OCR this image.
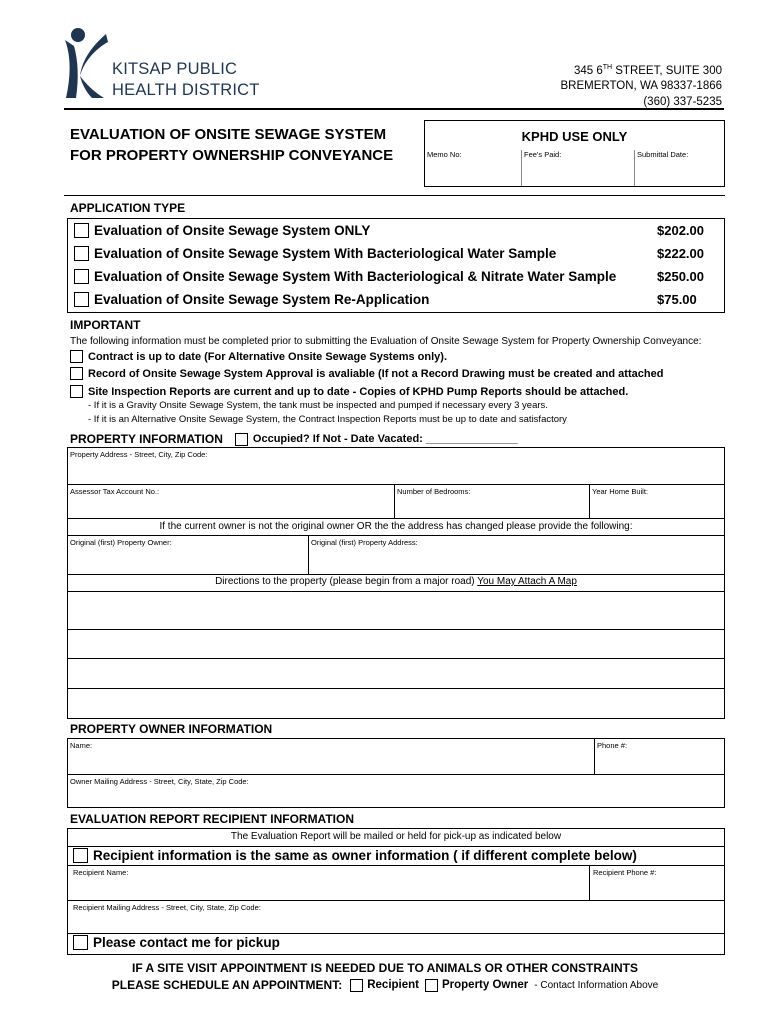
KITSAP PUBLIC
HEALTH DISTRICT
345 6TH STREET, SUITE 300
BREMERTON, WA 98337-1866
(360) 337-5235
EVALUATION OF ONSITE SEWAGE SYSTEM
FOR PROPERTY OWNERSHIP CONVEYANCE
KPHD USE ONLY
Memo No:	Fee's Paid:	Submittal Date:
APPLICATION TYPE
Evaluation of Onsite Sewage System ONLY	$202.00
Evaluation of Onsite Sewage System With Bacteriological Water Sample	$222.00
Evaluation of Onsite Sewage System With Bacteriological & Nitrate Water Sample	$250.00
Evaluation of Onsite Sewage System Re-Application	$75.00
IMPORTANT
The following information must be completed prior to submitting the Evaluation of Onsite Sewage System for Property Ownership Conveyance:
Contract is up to date (For Alternative Onsite Sewage Systems only).
Record of Onsite Sewage System Approval is avaliable (If not a Record Drawing must be created and attached
Site Inspection Reports are current and up to date - Copies of KPHD Pump Reports should be attached.
- If it is a Gravity Onsite Sewage System, the tank must be inspected and pumped if necessary every 3 years.
- If it is an Alternative Onsite Sewage System, the Contract Inspection Reports must be up to date and satisfactory
PROPERTY INFORMATION	Occupied? If Not - Date Vacated: _______________
Property Address - Street, City, Zip Code:
Assessor Tax Account No.:	Number of Bedrooms:	Year Home Built:
If the current owner is not the original owner OR the the address has changed please provide the following:
Original (first) Property Owner:	Original (first) Property Address:
Directions to the property (please begin from a major road) You May Attach A Map
PROPERTY OWNER INFORMATION
Name:	Phone #:
Owner Mailing Address - Street, City, State, Zip Code:
EVALUATION REPORT RECIPIENT INFORMATION
The Evaluation Report will be mailed or held for pick-up as indicated below
Recipient information is the same as owner information ( if different complete below)
Recipient Name:	Recipient Phone #:
Recipient Mailing Address - Street, City, State, Zip Code:
Please contact me for pickup
IF A SITE VISIT APPOINTMENT IS NEEDED DUE TO ANIMALS OR OTHER CONSTRAINTS
PLEASE SCHEDULE AN APPOINTMENT: Recipient Property Owner - Contact Information Above
